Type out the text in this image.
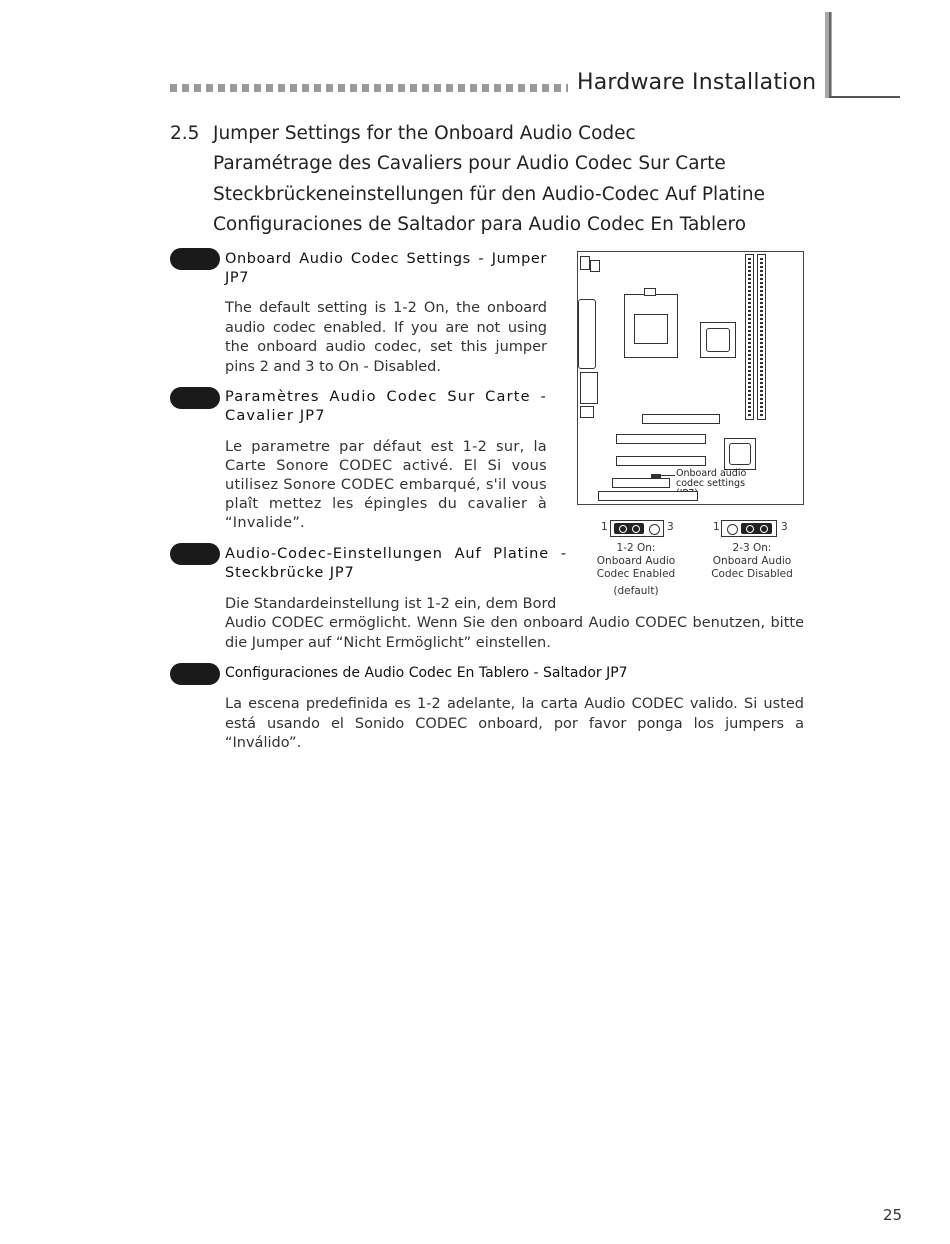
Hardware Installation
2.5 Jumper Settings for the Onboard Audio Codec
Paramétrage des Cavaliers pour Audio Codec Sur Carte
Steckbrückeneinstellungen für den Audio-Codec Auf Platine
Configuraciones de Saltador para Audio Codec En Tablero
Onboard Audio Codec Settings - Jumper JP7
The default setting is 1-2 On, the onboard audio codec enabled. If you are not using the onboard audio codec, set this jumper pins 2 and 3 to On - Disabled.
Paramètres Audio Codec Sur Carte - Cavalier JP7
Le parametre par défaut est 1-2 sur, la Carte Sonore CODEC activé. El Si vous utilisez Sonore CODEC embarqué, s'il vous plaît mettez les épingles du cavalier à “Invalide”.
Audio-Codec-Einstellungen Auf Platine - Steckbrücke JP7
Die Standardeinstellung ist 1-2 ein, dem Bord
Audio CODEC ermöglicht. Wenn Sie den onboard Audio CODEC benutzen, bitte die Jumper auf “Nicht Ermöglicht” einstellen.
Configuraciones de Audio Codec En Tablero - Saltador JP7
La escena predefinida es 1-2 adelante, la carta Audio CODEC valido. Si usted está usando el Sonido CODEC onboard, por favor ponga los jumpers a “Inválido”.
Onboard audio
codec settings
1	3
1-2 On:
Onboard Audio
Codec Enabled
(default)
1	3
2-3 On:
Onboard Audio
Codec Disabled
25
